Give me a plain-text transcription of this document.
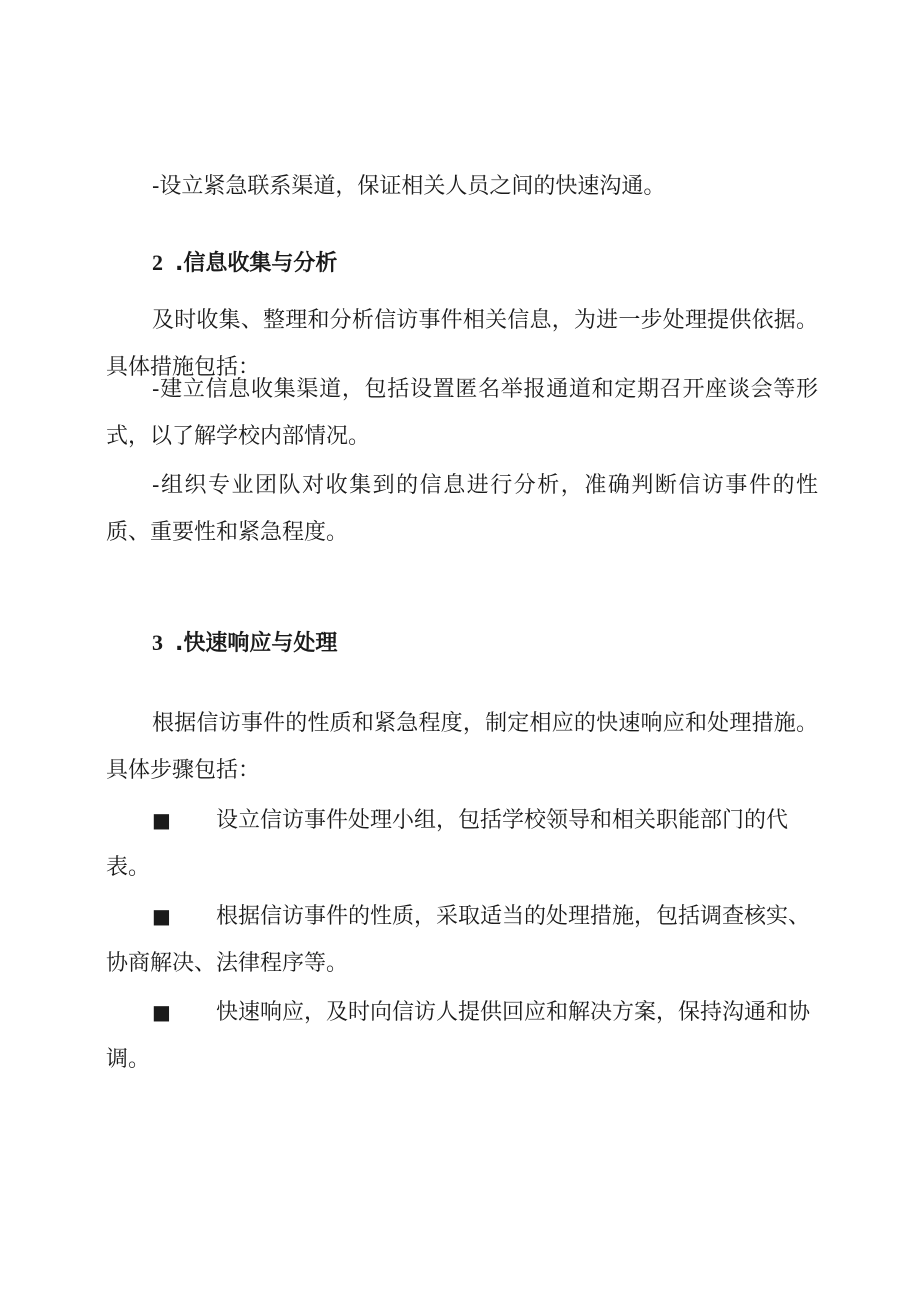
-设立紧急联系渠道，保证相关人员之间的快速沟通。

2 .信息收集与分析

及时收集、整理和分析信访事件相关信息，为进一步处理提供依据。具体措施包括：

-建立信息收集渠道，包括设置匿名举报通道和定期召开座谈会等形式，以了解学校内部情况。

-组织专业团队对收集到的信息进行分析，准确判断信访事件的性质、重要性和紧急程度。

3 .快速响应与处理

根据信访事件的性质和紧急程度，制定相应的快速响应和处理措施。具体步骤包括：

■ 设立信访事件处理小组，包括学校领导和相关职能部门的代表。

■ 根据信访事件的性质，采取适当的处理措施，包括调查核实、协商解决、法律程序等。

■ 快速响应，及时向信访人提供回应和解决方案，保持沟通和协调。
